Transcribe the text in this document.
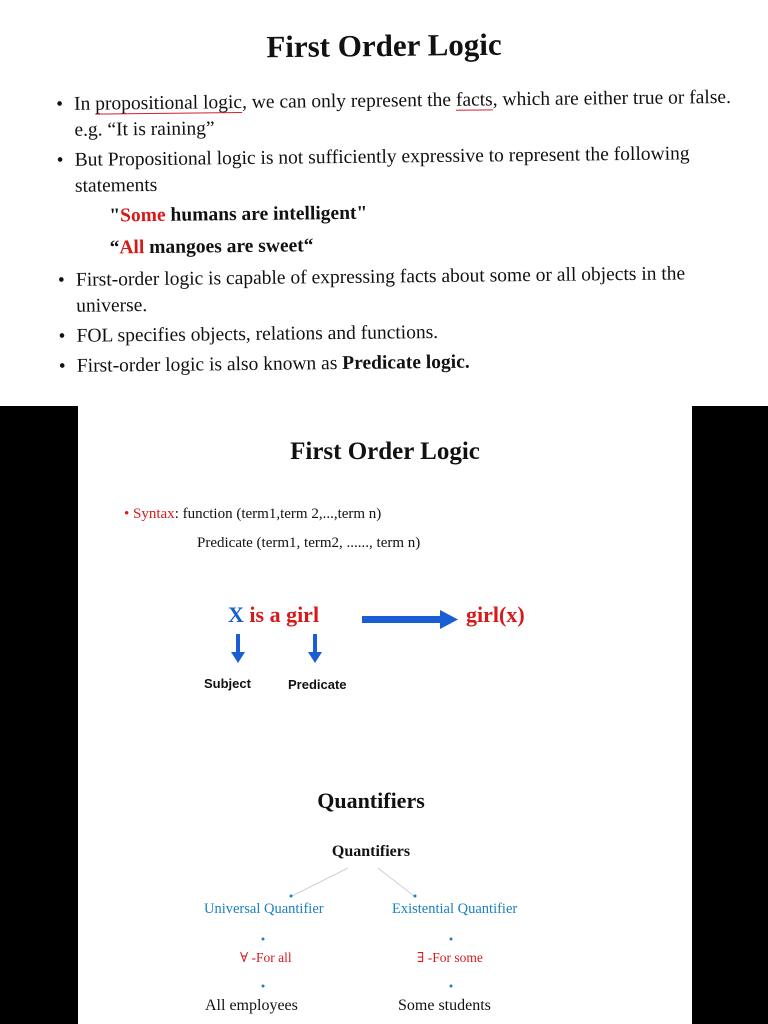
First Order Logic
• In propositional logic, we can only represent the facts, which are either true or false. e.g. “It is raining”
• But Propositional logic is not sufficiently expressive to represent the following statements
"Some humans are intelligent"
“All mangoes are sweet“
• First-order logic is capable of expressing facts about some or all objects in the universe.
• FOL specifies objects, relations and functions.
• First-order logic is also known as Predicate logic.
First Order Logic
• Syntax: function (term1,term 2,...,term n)
Predicate (term1, term2, ......, term n)
X is a girl	girl(x)
Subject	Predicate
Quantifiers
Quantifiers
Universal Quantifier	Existential Quantifier
∀ -For all	∃ -For some
All employees	Some students
